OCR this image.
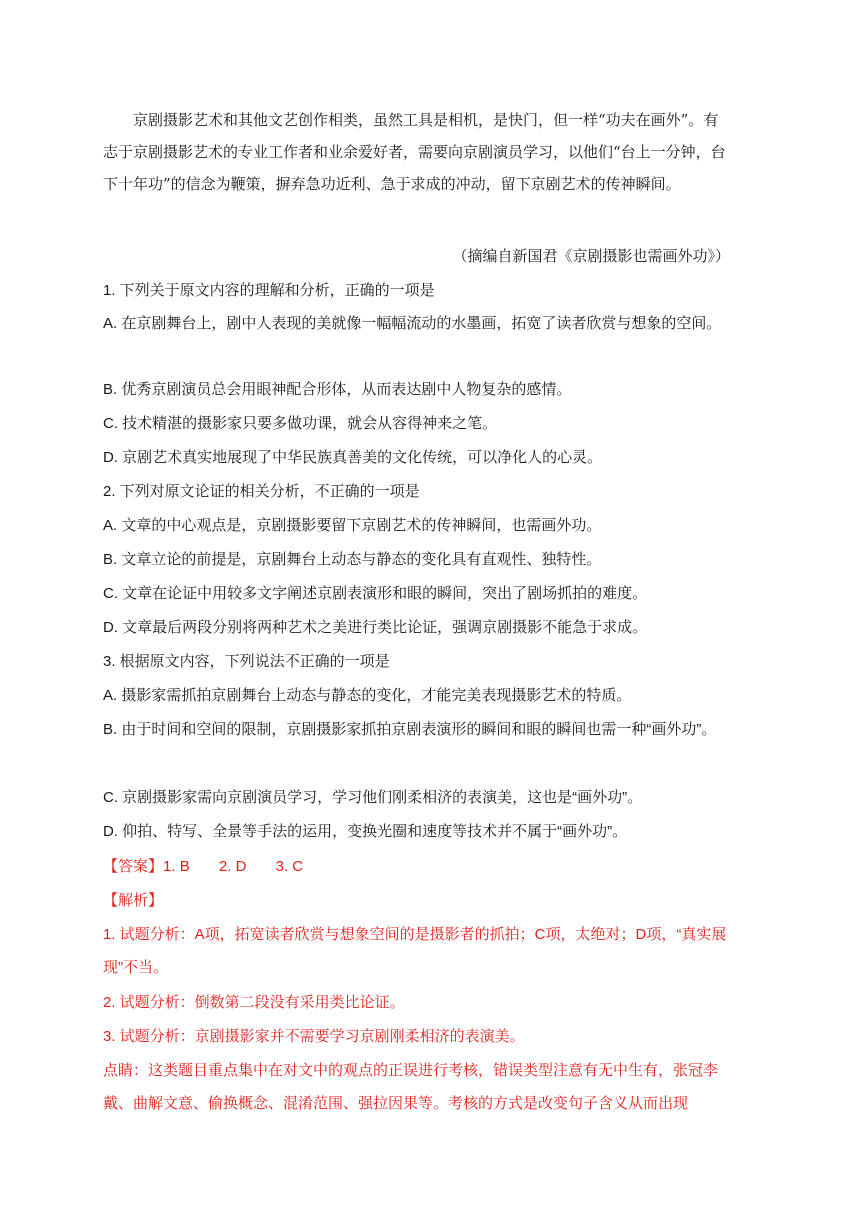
京剧摄影艺术和其他文艺创作相类，虽然工具是相机，是快门，但一样“功夫在画外”。有志于京剧摄影艺术的专业工作者和业余爱好者，需要向京剧演员学习，以他们“台上一分钟，台下十年功”的信念为鞭策，摒弃急功近利、急于求成的冲动，留下京剧艺术的传神瞬间。

（摘编自新国君《京剧摄影也需画外功》）

1. 下列关于原文内容的理解和分析，正确的一项是

A. 在京剧舞台上，剧中人表现的美就像一幅幅流动的水墨画，拓宽了读者欣赏与想象的空间。

B. 优秀京剧演员总会用眼神配合形体，从而表达剧中人物复杂的感情。

C. 技术精湛的摄影家只要多做功课，就会从容得神来之笔。

D. 京剧艺术真实地展现了中华民族真善美的文化传统，可以净化人的心灵。

2. 下列对原文论证的相关分析，不正确的一项是

A. 文章的中心观点是，京剧摄影要留下京剧艺术的传神瞬间，也需画外功。

B. 文章立论的前提是，京剧舞台上动态与静态的变化具有直观性、独特性。

C. 文章在论证中用较多文字阐述京剧表演形和眼的瞬间，突出了剧场抓拍的难度。

D. 文章最后两段分别将两种艺术之美进行类比论证，强调京剧摄影不能急于求成。

3. 根据原文内容，下列说法不正确的一项是

A. 摄影家需抓拍京剧舞台上动态与静态的变化，才能完美表现摄影艺术的特质。

B. 由于时间和空间的限制，京剧摄影家抓拍京剧表演形的瞬间和眼的瞬间也需一种“画外功”。

C. 京剧摄影家需向京剧演员学习，学习他们刚柔相济的表演美，这也是“画外功”。

D. 仰拍、特写、全景等手法的运用，变换光圈和速度等技术并不属于“画外功”。

【答案】1. B 2. D 3. C

【解析】

1. 试题分析：A项，拓宽读者欣赏与想象空间的是摄影者的抓拍；C项，太绝对；D项，“真实展现”不当。

2. 试题分析：倒数第二段没有采用类比论证。

3. 试题分析：京剧摄影家并不需要学习京剧刚柔相济的表演美。

点睛：这类题目重点集中在对文中的观点的正误进行考核，错误类型注意有无中生有，张冠李戴、曲解文意、偷换概念、混淆范围、强拉因果等。考核的方式是改变句子含义从而出现
